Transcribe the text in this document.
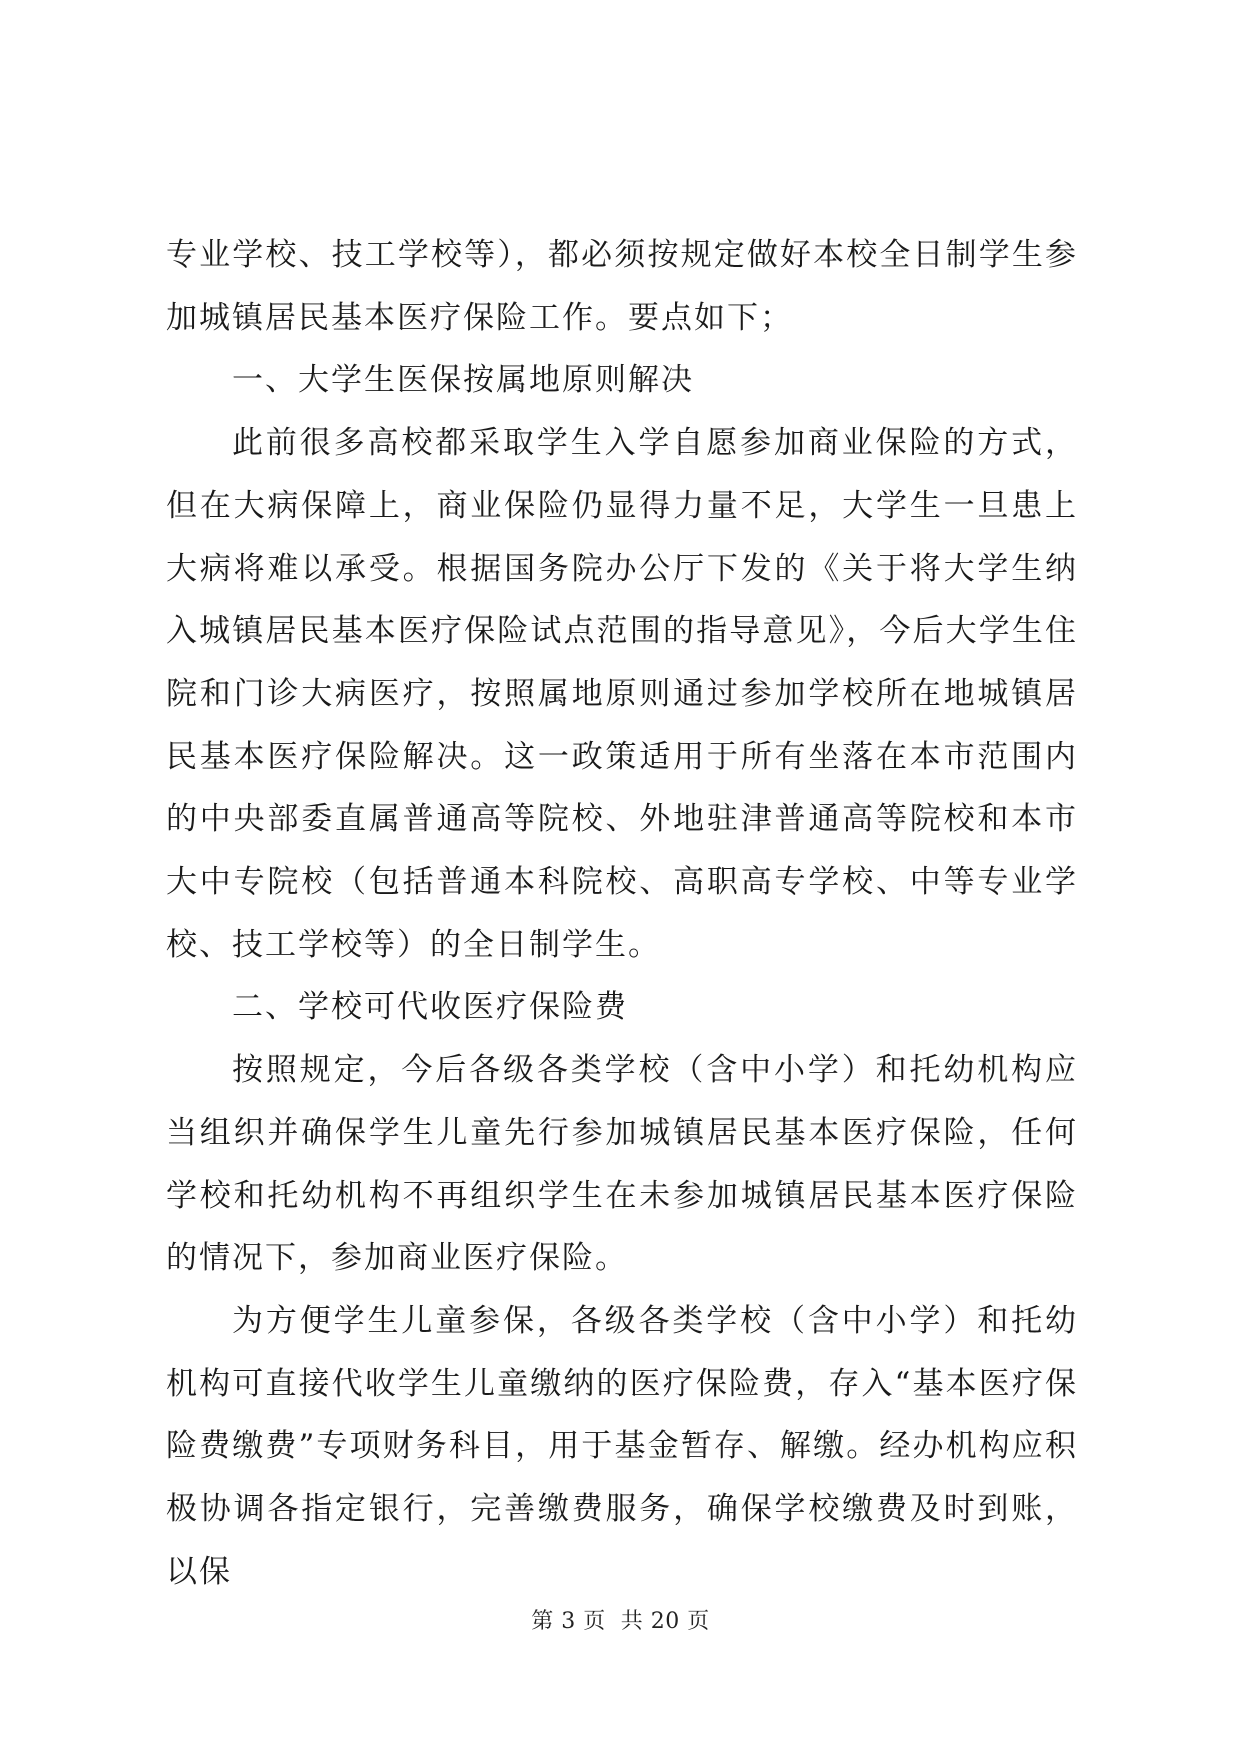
专业学校、技工学校等），都必须按规定做好本校全日制学生参加城镇居民基本医疗保险工作。要点如下；

一、大学生医保按属地原则解决

此前很多高校都采取学生入学自愿参加商业保险的方式，但在大病保障上，商业保险仍显得力量不足，大学生一旦患上大病将难以承受。根据国务院办公厅下发的《关于将大学生纳入城镇居民基本医疗保险试点范围的指导意见》，今后大学生住院和门诊大病医疗，按照属地原则通过参加学校所在地城镇居民基本医疗保险解决。这一政策适用于所有坐落在本市范围内的中央部委直属普通高等院校、外地驻津普通高等院校和本市大中专院校（包括普通本科院校、高职高专学校、中等专业学校、技工学校等）的全日制学生。

二、学校可代收医疗保险费

按照规定，今后各级各类学校（含中小学）和托幼机构应当组织并确保学生儿童先行参加城镇居民基本医疗保险，任何学校和托幼机构不再组织学生在未参加城镇居民基本医疗保险的情况下，参加商业医疗保险。

为方便学生儿童参保，各级各类学校（含中小学）和托幼机构可直接代收学生儿童缴纳的医疗保险费，存入“基本医疗保险费缴费”专项财务科目，用于基金暂存、解缴。经办机构应积极协调各指定银行，完善缴费服务，确保学校缴费及时到账，以保

第 3 页  共 20 页
